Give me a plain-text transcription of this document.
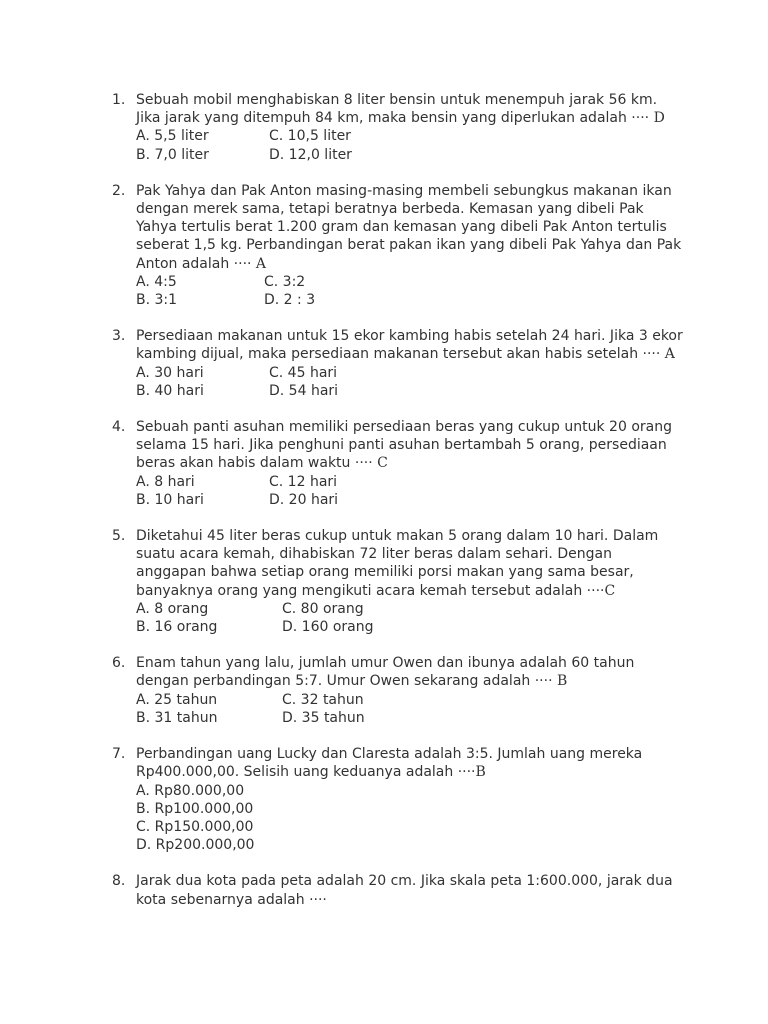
1. Sebuah mobil menghabiskan 8 liter bensin untuk menempuh jarak 56 km.
Jika jarak yang ditempuh 84 km, maka bensin yang diperlukan adalah ···· D
A. 5,5 liter	C. 10,5 liter
B. 7,0 liter	D. 12,0 liter
2. Pak Yahya dan Pak Anton masing-masing membeli sebungkus makanan ikan
dengan merek sama, tetapi beratnya berbeda. Kemasan yang dibeli Pak
Yahya tertulis berat 1.200 gram dan kemasan yang dibeli Pak Anton tertulis
seberat 1,5 kg. Perbandingan berat pakan ikan yang dibeli Pak Yahya dan Pak
Anton adalah ···· A
A. 4:5	C. 3:2
B. 3:1	D. 2 : 3
3. Persediaan makanan untuk 15 ekor kambing habis setelah 24 hari. Jika 3 ekor
kambing dijual, maka persediaan makanan tersebut akan habis setelah ···· A
A. 30 hari	C. 45 hari
B. 40 hari	D. 54 hari
4. Sebuah panti asuhan memiliki persediaan beras yang cukup untuk 20 orang
selama 15 hari. Jika penghuni panti asuhan bertambah 5 orang, persediaan
beras akan habis dalam waktu ···· C
A. 8 hari	C. 12 hari
B. 10 hari	D. 20 hari
5. Diketahui 45 liter beras cukup untuk makan 5 orang dalam 10 hari. Dalam
suatu acara kemah, dihabiskan 72 liter beras dalam sehari. Dengan
anggapan bahwa setiap orang memiliki porsi makan yang sama besar,
banyaknya orang yang mengikuti acara kemah tersebut adalah ····C
A. 8 orang	C. 80 orang
B. 16 orang	D. 160 orang
6. Enam tahun yang lalu, jumlah umur Owen dan ibunya adalah 60 tahun
dengan perbandingan 5:7. Umur Owen sekarang adalah ···· B
A. 25 tahun	C. 32 tahun
B. 31 tahun	D. 35 tahun
7. Perbandingan uang Lucky dan Claresta adalah 3:5. Jumlah uang mereka
Rp400.000,00. Selisih uang keduanya adalah ····B
A. Rp80.000,00
B. Rp100.000,00
C. Rp150.000,00
D. Rp200.000,00
8. Jarak dua kota pada peta adalah 20 cm. Jika skala peta 1:600.000, jarak dua
kota sebenarnya adalah ····
